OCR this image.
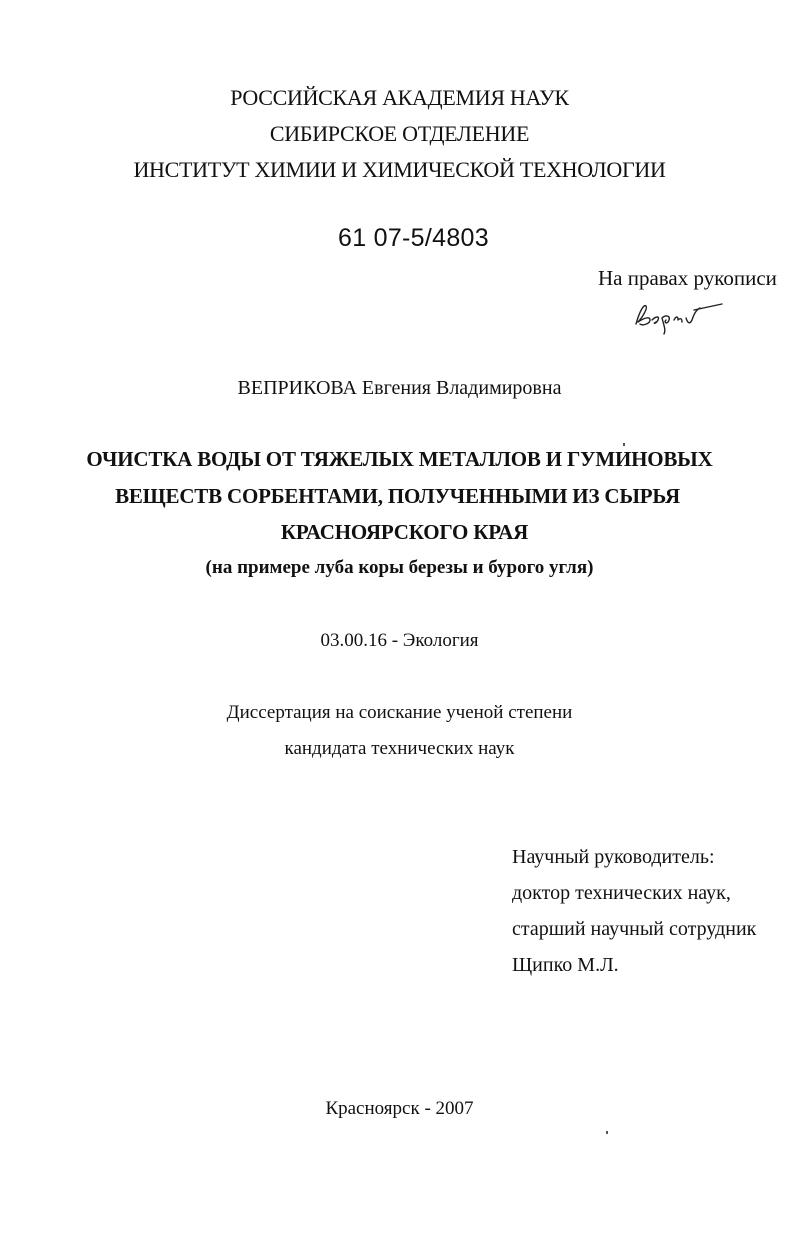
РОССИЙСКАЯ АКАДЕМИЯ НАУК
СИБИРСКОЕ ОТДЕЛЕНИЕ
ИНСТИТУТ ХИМИИ И ХИМИЧЕСКОЙ ТЕХНОЛОГИИ
61 07-5/4803
На правах рукописи
ВЕПРИКОВА Евгения Владимировна
ОЧИСТКА ВОДЫ ОТ ТЯЖЕЛЫХ МЕТАЛЛОВ И ГУМИНОВЫХ
ВЕЩЕСТВ СОРБЕНТАМИ, ПОЛУЧЕННЫМИ ИЗ СЫРЬЯ
КРАСНОЯРСКОГО КРАЯ
(на примере луба коры березы и бурого угля)
03.00.16 - Экология
Диссертация на соискание ученой степени
кандидата технических наук
Научный руководитель:
доктор технических наук,
старший научный сотрудник
Щипко М.Л.
Красноярск - 2007
